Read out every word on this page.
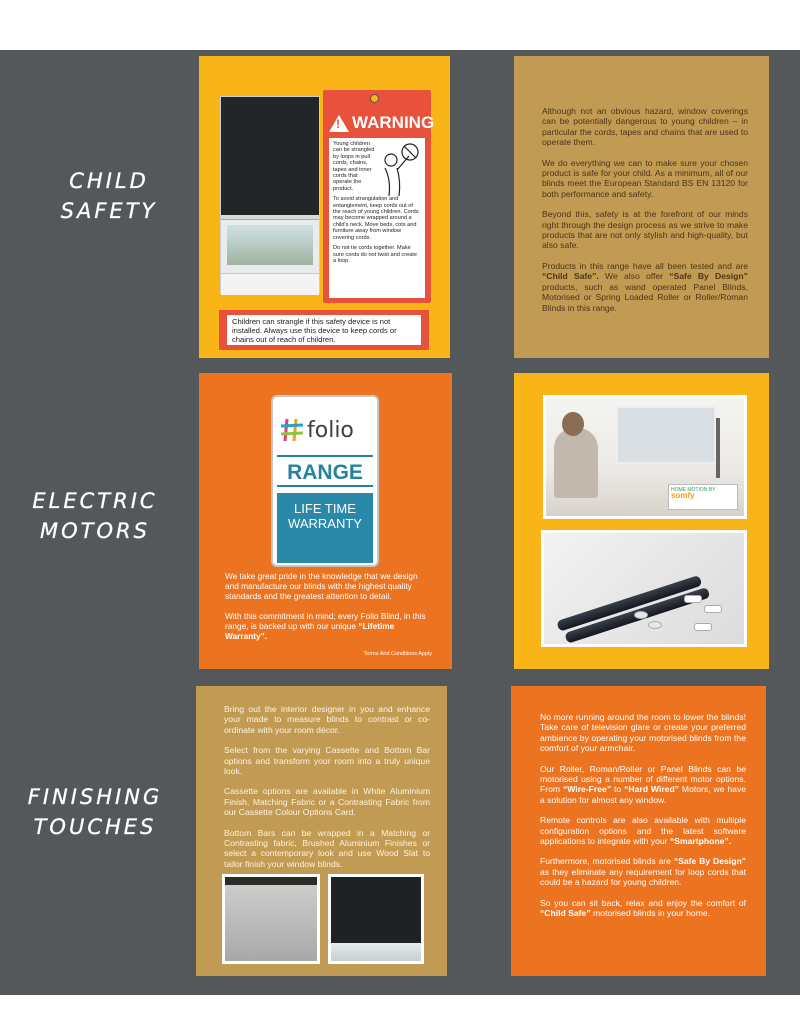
CHILD
SAFETY
ELECTRIC
MOTORS
FINISHING
TOUCHES
!
WARNING

Young children can be strangled by loops in pull cords, chains, tapes and inner cords that operate the product.

To avoid strangulation and entanglement, keep cords out of the reach of young children. Cords may become wrapped around a child's neck. Move beds, cots and furniture away from window covering cords.

Do not tie cords together. Make sure cords do not twist and create a loop.

Children can strangle if this safety device is not installed. Always use this device to keep cords or chains out of reach of children.

Although not an obvious hazard, window coverings can be potentially dangerous to young children – in particular the cords, tapes and chains that are used to operate them.

We do everything we can to make sure your chosen product is safe for your child. As a minimum, all of our blinds meet the European Standard BS EN 13120 for both performance and safety.

Beyond this, safety is at the forefront of our minds right through the design process as we strive to make products that are not only stylish and high-quality, but also safe.

Products in this range have all been tested and are “Child Safe”. We also offer “Safe By Design” products, such as wand operated Panel Blinds, Motorised or Spring Loaded Roller or Roller/Roman Blinds in this range.

folio
RANGE
LIFE TIME
WARRANTY

We take great pride in the knowledge that we design and manufacture our blinds with the highest quality standards and the greatest attention to detail.

With this commitment in mind; every Folio Blind, in this range, is backed up with our unique “Lifetime Warranty”.

Terms And Conditions Apply
HOME MOTION BY
somfy

Bring out the interior designer in you and enhance your made to measure blinds to contrast or co-ordinate with your room décor.

Select from the varying Cassette and Bottom Bar options and transform your room into a truly unique look.

Cassette options are available in White Aluminium Finish, Matching Fabric or a Contrasting Fabric from our Cassette Colour Options Card.

Bottom Bars can be wrapped in a Matching or Contrasting fabric, Brushed Aluminium Finishes or select a contemporary look and use Wood Slat to tailor finish your window blinds.

No more running around the room to lower the blinds! Take care of television glare or create your preferred ambience by operating your motorised blinds from the comfort of your armchair.

Our Roller, Roman/Roller or Panel Blinds can be motorised using a number of different motor options. From “Wire-Free” to “Hard Wired” Motors, we have a solution for almost any window.

Remote controls are also available with multiple configuration options and the latest software applications to integrate with your “Smartphone”.

Furthermore, motorised blinds are “Safe By Design” as they eliminate any requirement for loop cords that could be a hazard for young children.

So you can sit back, relax and enjoy the comfort of “Child Safe” motorised blinds in your home.
